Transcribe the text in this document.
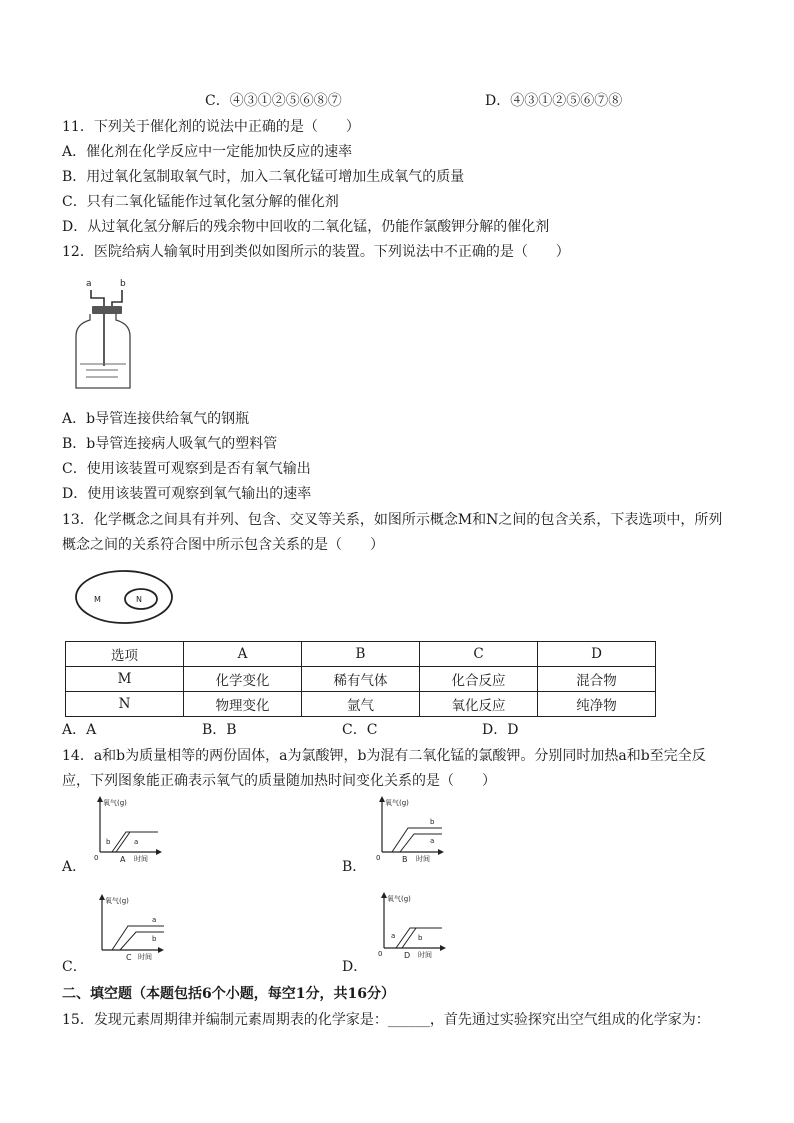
C．④③①②⑤⑥⑧⑦	D．④③①②⑤⑥⑦⑧
11．下列关于催化剂的说法中正确的是（　　）
A．催化剂在化学反应中一定能加快反应的速率
B．用过氧化氢制取氧气时，加入二氧化锰可增加生成氧气的质量
C．只有二氧化锰能作过氧化氢分解的催化剂
D．从过氧化氢分解后的残余物中回收的二氧化锰，仍能作氯酸钾分解的催化剂
12．医院给病人输氧时用到类似如图所示的装置。下列说法中不正确的是（　　）
a	b
A．b导管连接供给氧气的钢瓶
B．b导管连接病人吸氧气的塑料管
C．使用该装置可观察到是否有氧气输出
D．使用该装置可观察到氧气输出的速率
13．化学概念之间具有并列、包含、交叉等关系，如图所示概念M和N之间的包含关系，下表选项中，所列
概念之间的关系符合图中所示包含关系的是（　　）
M	N
选项	A	B	C	D
M	化学变化	稀有气体	化合反应	混合物
N	物理变化	氩气	氧化反应	纯净物
A．A	B．B	C．C	D．D
14．a和b为质量相等的两份固体，a为氯酸钾，b为混有二氧化锰的氯酸钾。分别同时加热a和b至完全反
应，下列图象能正确表示氧气的质量随加热时间变化关系的是（　　）
氧气(g)
0	A 时间
b	a
A．
氧气(g)
0	B 时间
b
a
B．
氧气(g)
C 时间
a
b
C．
氧气(g)
0	D 时间
a	b
D．
二、填空题（本题包括6个小题，每空1分，共16分）
15．发现元素周期律并编制元素周期表的化学家是：______，首先通过实验探究出空气组成的化学家为：
